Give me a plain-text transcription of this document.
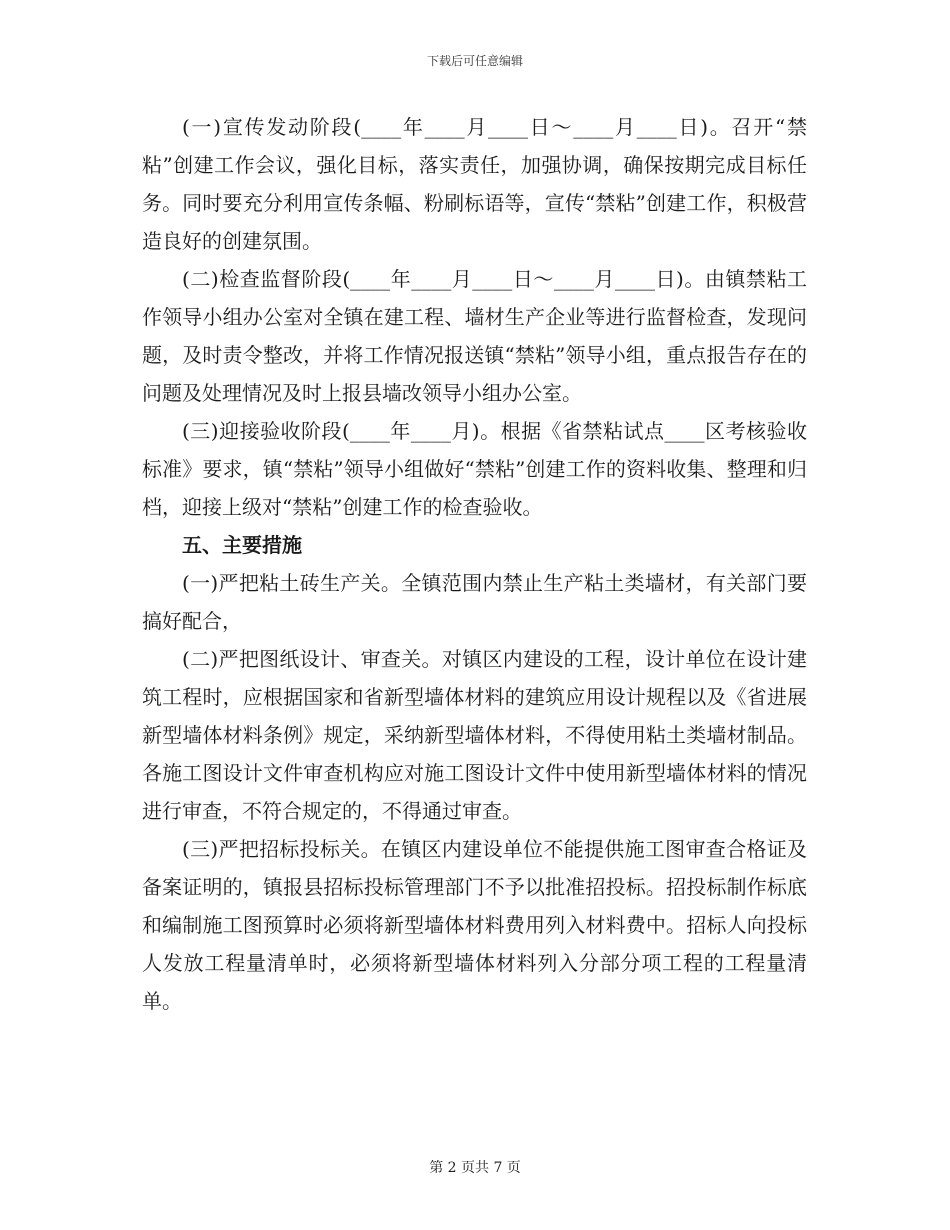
下载后可任意编辑

(一)宣传发动阶段(____年____月____日～____月____日)。召开“禁粘”创建工作会议，强化目标，落实责任，加强协调，确保按期完成目标任务。同时要充分利用宣传条幅、粉刷标语等，宣传“禁粘”创建工作，积极营造良好的创建氛围。

(二)检查监督阶段(____年____月____日～____月____日)。由镇禁粘工作领导小组办公室对全镇在建工程、墙材生产企业等进行监督检查，发现问题，及时责令整改，并将工作情况报送镇“禁粘”领导小组，重点报告存在的问题及处理情况及时上报县墙改领导小组办公室。

(三)迎接验收阶段(____年____月)。根据《省禁粘试点____区考核验收标准》要求，镇“禁粘”领导小组做好“禁粘”创建工作的资料收集、整理和归档，迎接上级对“禁粘”创建工作的检查验收。

五、主要措施

(一)严把粘土砖生产关。全镇范围内禁止生产粘土类墙材，有关部门要搞好配合，

(二)严把图纸设计、审查关。对镇区内建设的工程，设计单位在设计建筑工程时，应根据国家和省新型墙体材料的建筑应用设计规程以及《省进展新型墙体材料条例》规定，采纳新型墙体材料，不得使用粘土类墙材制品。各施工图设计文件审查机构应对施工图设计文件中使用新型墙体材料的情况进行审查，不符合规定的，不得通过审查。

(三)严把招标投标关。在镇区内建设单位不能提供施工图审查合格证及备案证明的，镇报县招标投标管理部门不予以批准招投标。招投标制作标底和编制施工图预算时必须将新型墙体材料费用列入材料费中。招标人向投标人发放工程量清单时，必须将新型墙体材料列入分部分项工程的工程量清单。

第 2 页共 7 页
